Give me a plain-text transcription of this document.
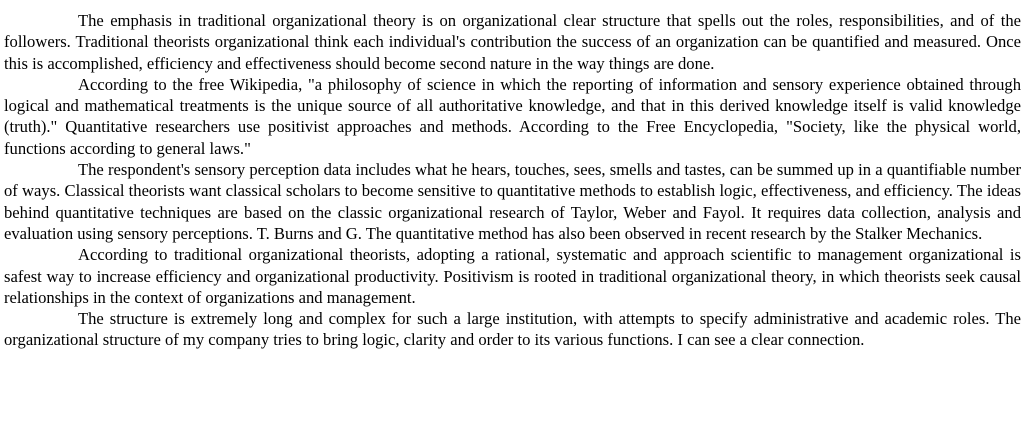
The emphasis in traditional organizational theory is on organizational clear structure that spells out the roles, responsibilities, and of the followers. Traditional theorists organizational think each individual's contribution the success of an organization can be quantified and measured. Once this is accomplished, efficiency and effectiveness should become second nature in the way things are done.

According to the free Wikipedia, "a philosophy of science in which the reporting of information and sensory experience obtained through logical and mathematical treatments is the unique source of all authoritative knowledge, and that in this derived knowledge itself is valid knowledge (truth)." Quantitative researchers use positivist approaches and methods. According to the Free Encyclopedia, "Society, like the physical world, functions according to general laws."

The respondent's sensory perception data includes what he hears, touches, sees, smells and tastes, can be summed up in a quantifiable number of ways. Classical theorists want classical scholars to become sensitive to quantitative methods to establish logic, effectiveness, and efficiency. The ideas behind quantitative techniques are based on the classic organizational research of Taylor, Weber and Fayol. It requires data collection, analysis and evaluation using sensory perceptions. T. Burns and G. The quantitative method has also been observed in recent research by the Stalker Mechanics.

According to traditional organizational theorists, adopting a rational, systematic and approach scientific to management organizational is safest way to increase efficiency and organizational productivity. Positivism is rooted in traditional organizational theory, in which theorists seek causal relationships in the context of organizations and management.

The structure is extremely long and complex for such a large institution, with attempts to specify administrative and academic roles. The organizational structure of my company tries to bring logic, clarity and order to its various functions. I can see a clear connection.
